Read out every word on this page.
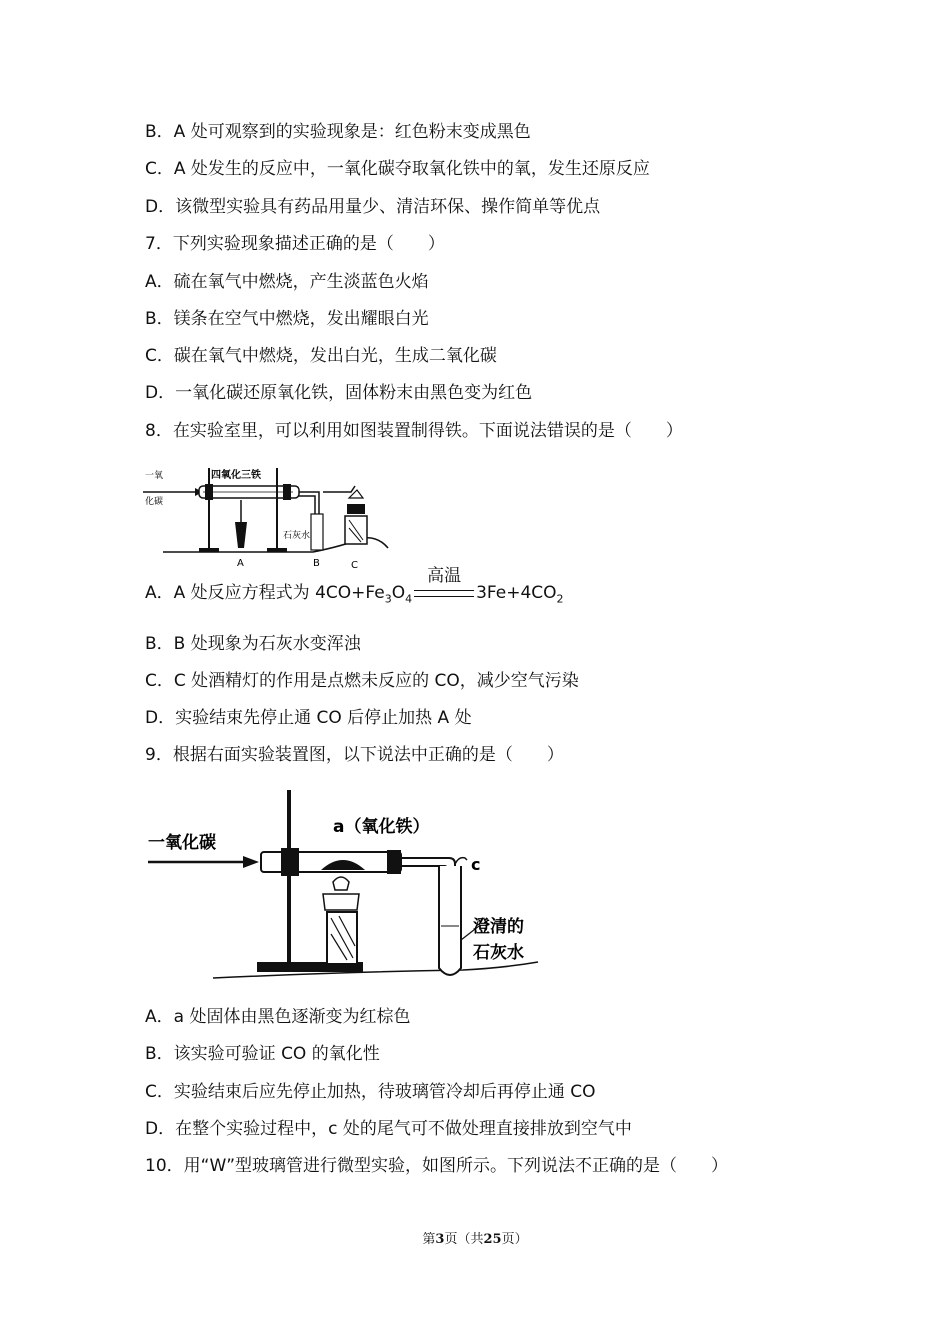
B．A 处可观察到的实验现象是：红色粉末变成黑色
C．A 处发生的反应中，一氧化碳夺取氧化铁中的氧，发生还原反应
D．该微型实验具有药品用量少、清洁环保、操作简单等优点
7．下列实验现象描述正确的是（　　）
A．硫在氧气中燃烧，产生淡蓝色火焰
B．镁条在空气中燃烧，发出耀眼白光
C．碳在氧气中燃烧，发出白光，生成二氧化碳
D．一氧化碳还原氧化铁，固体粉末由黑色变为红色
8．在实验室里，可以利用如图装置制得铁。下面说法错误的是（　　）
一氧
化碳
四氧化三铁
A
石灰水
B	C
A．A 处反应方程式为 $4CO+Fe_3O_4$
高温
$3Fe+4CO_2$
B．B 处现象为石灰水变浑浊
C．C 处酒精灯的作用是点燃未反应的 CO，减少空气污染
D．实验结束先停止通 CO 后停止加热 A 处
9．根据右面实验装置图，以下说法中正确的是（　　）
一氧化碳
a（氧化铁）
c
澄清的
石灰水
A．a 处固体由黑色逐渐变为红棕色
B．该实验可验证 CO 的氧化性
C．实验结束后应先停止加热，待玻璃管冷却后再停止通 CO
D．在整个实验过程中，c 处的尾气可不做处理直接排放到空气中
10．用“W”型玻璃管进行微型实验，如图所示。下列说法不正确的是（　　）
第3页（共25页）
